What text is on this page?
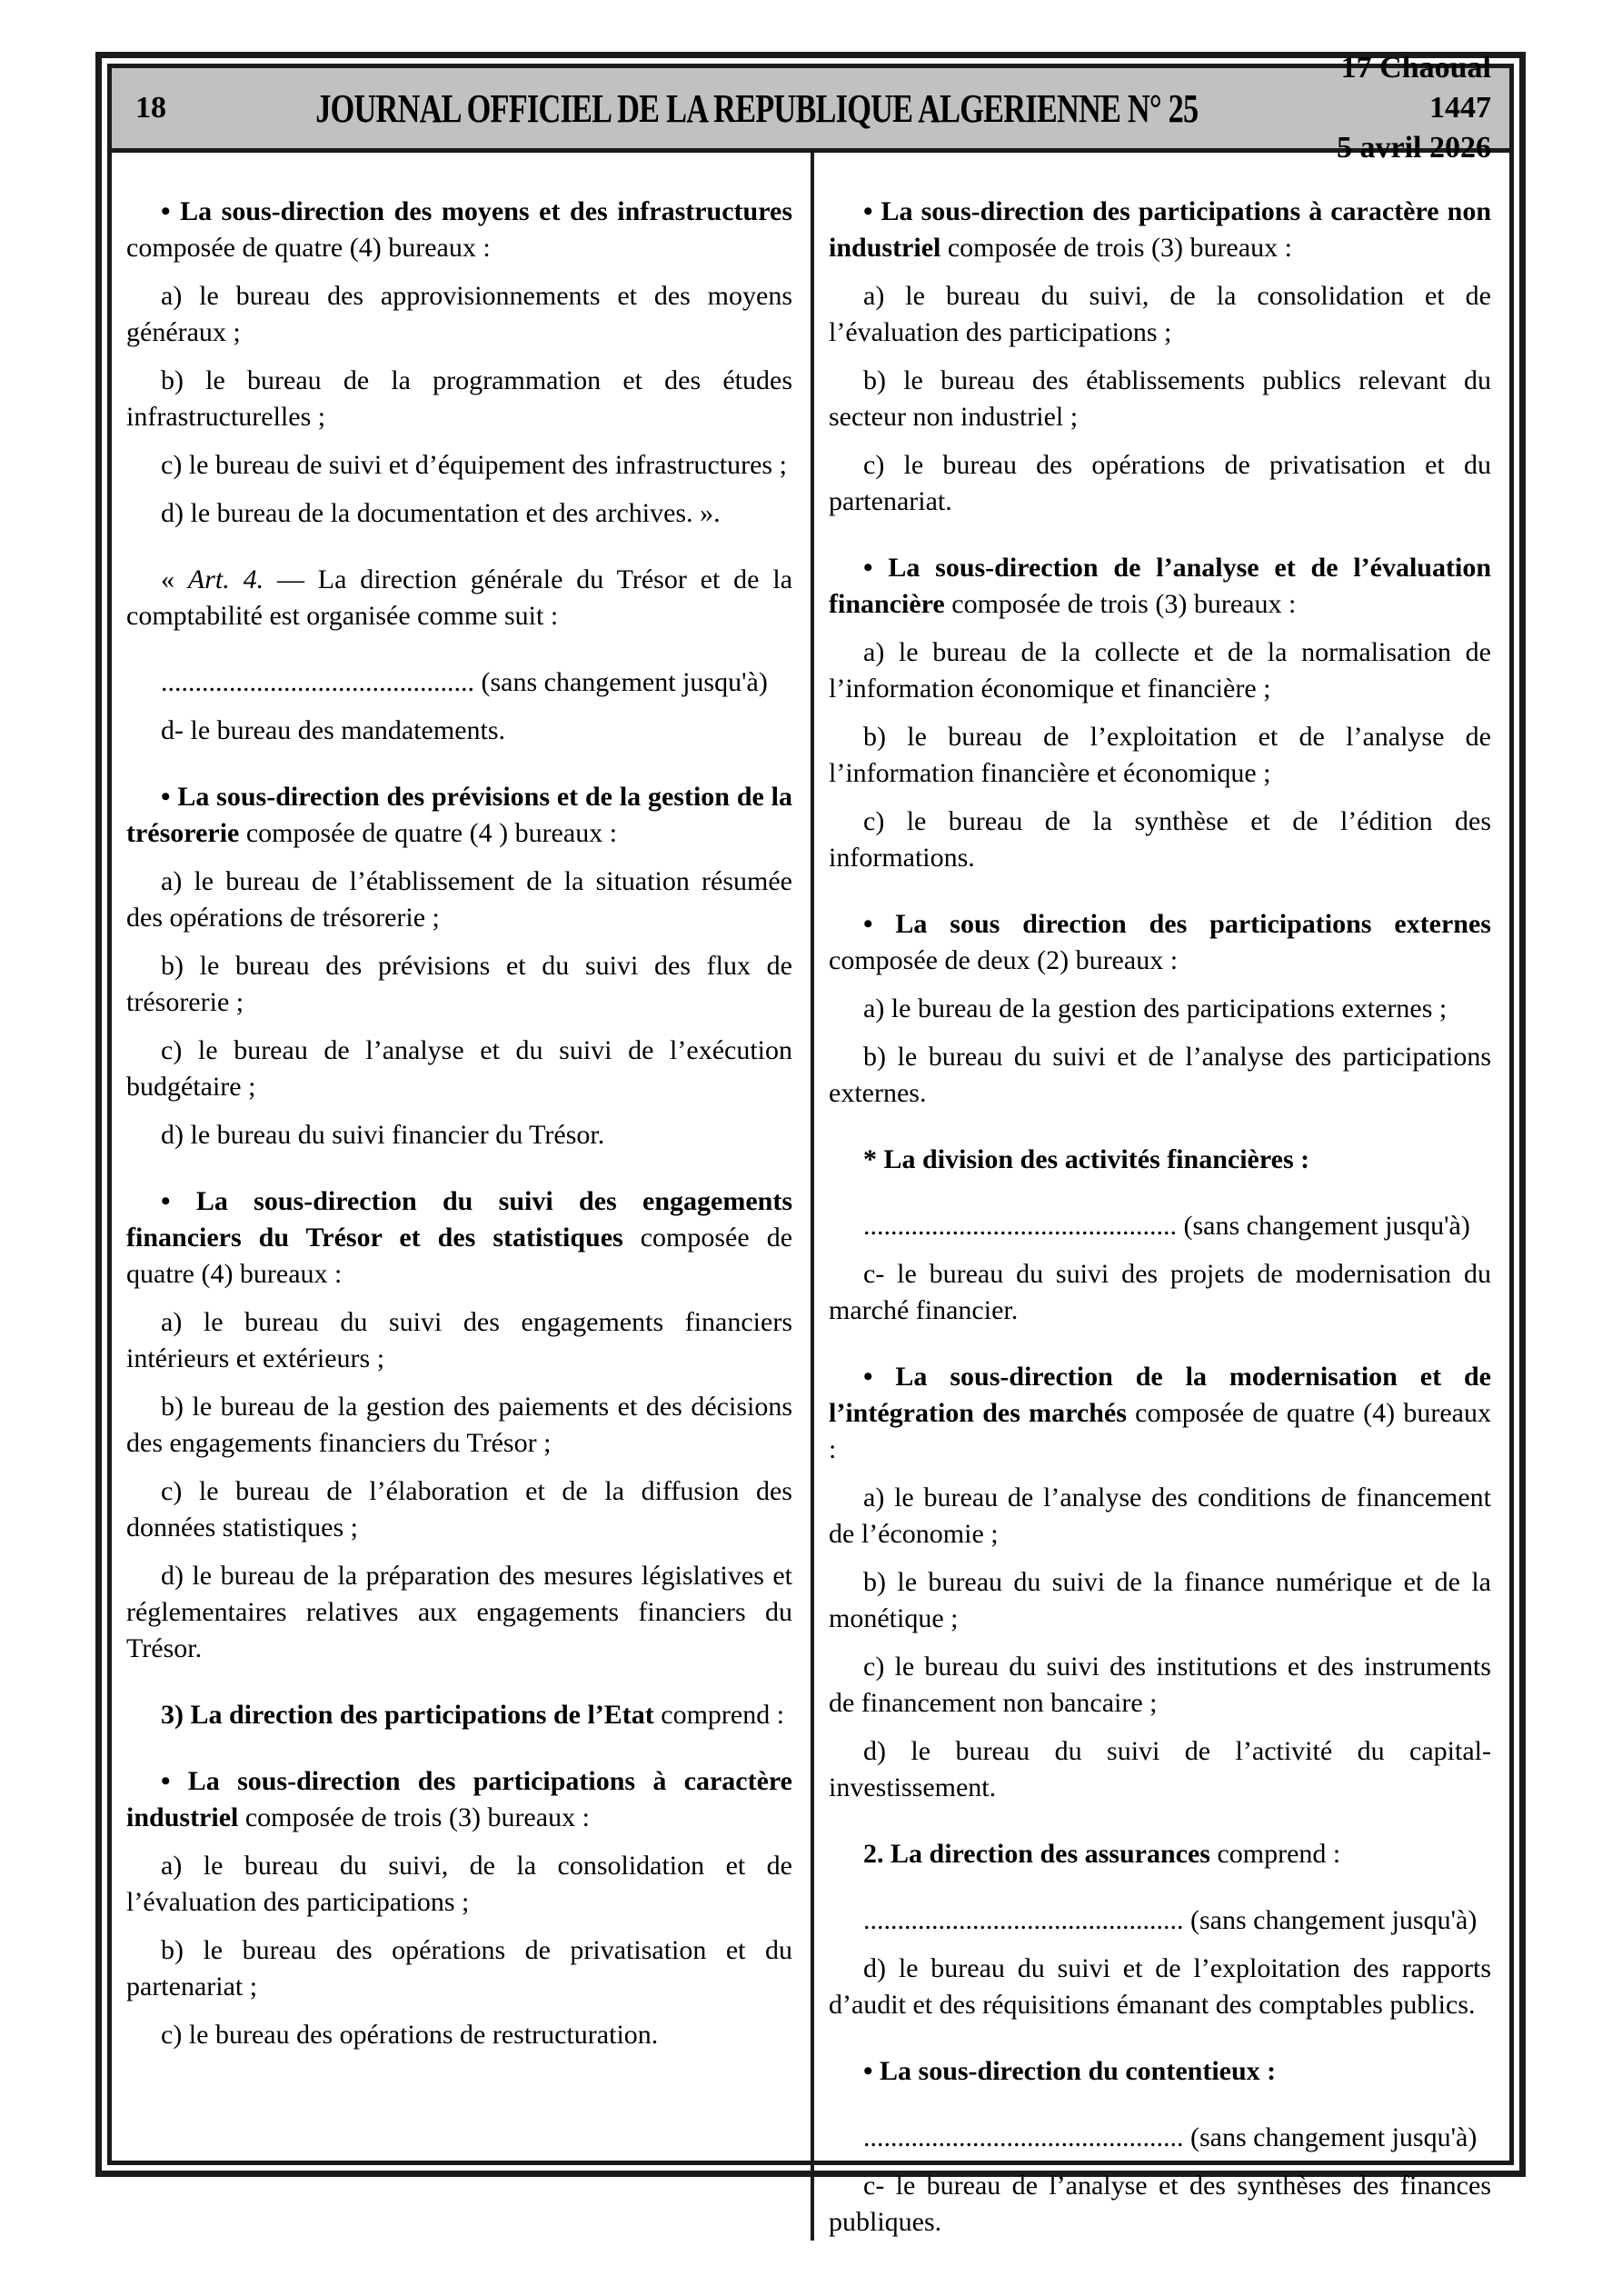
18	JOURNAL OFFICIEL DE LA REPUBLIQUE ALGERIENNE N° 25
17 Chaoual 1447
5 avril 2026

• La sous-direction des moyens et des infrastructures composée de quatre (4) bureaux :

a) le bureau des approvisionnements et des moyens généraux ;

b) le bureau de la programmation et des études infrastructurelles ;

c) le bureau de suivi et d’équipement des infrastructures ;

d) le bureau de la documentation et des archives. ».

« Art. 4. — La direction générale du Trésor et de la comptabilité est organisée comme suit :

.............................................. (sans changement jusqu'à)

d- le bureau des mandatements.

• La sous-direction des prévisions et de la gestion de la trésorerie composée de quatre (4 ) bureaux :

a) le bureau de l’établissement de la situation résumée des opérations de trésorerie ;

b) le bureau des prévisions et du suivi des flux de trésorerie ;

c) le bureau de l’analyse et du suivi de l’exécution budgétaire ;

d) le bureau du suivi financier du Trésor.

• La sous-direction du suivi des engagements financiers du Trésor et des statistiques composée de quatre (4) bureaux :

a) le bureau du suivi des engagements financiers intérieurs et extérieurs ;

b) le bureau de la gestion des paiements et des décisions des engagements financiers du Trésor ;

c) le bureau de l’élaboration et de la diffusion des données statistiques ;

d) le bureau de la préparation des mesures législatives et réglementaires relatives aux engagements financiers du Trésor.

3) La direction des participations de l’Etat comprend :

• La sous-direction des participations à caractère industriel composée de trois (3) bureaux :

a) le bureau du suivi, de la consolidation et de l’évaluation des participations ;

b) le bureau des opérations de privatisation et du partenariat ;

c) le bureau des opérations de restructuration.

• La sous-direction des participations à caractère non industriel composée de trois (3) bureaux :

a) le bureau du suivi, de la consolidation et de l’évaluation des participations ;

b) le bureau des établissements publics relevant du secteur non industriel ;

c) le bureau des opérations de privatisation et du partenariat.

• La sous-direction de l’analyse et de l’évaluation financière composée de trois (3) bureaux :

a) le bureau de la collecte et de la normalisation de l’information économique et financière ;

b) le bureau de l’exploitation et de l’analyse de l’information financière et économique ;

c) le bureau de la synthèse et de l’édition des informations.

• La sous direction des participations externes composée de deux (2) bureaux :

a) le bureau de la gestion des participations externes ;

b) le bureau du suivi et de l’analyse des participations externes.

* La division des activités financières :

.............................................. (sans changement jusqu'à)

c- le bureau du suivi des projets de modernisation du marché financier.

• La sous-direction de la modernisation et de l’intégration des marchés composée de quatre (4) bureaux :

a) le bureau de l’analyse des conditions de financement de l’économie ;

b) le bureau du suivi de la finance numérique et de la monétique ;

c) le bureau du suivi des institutions et des instruments de financement non bancaire ;

d) le bureau du suivi de l’activité du capital-investissement.

2. La direction des assurances comprend :

............................................... (sans changement jusqu'à)

d) le bureau du suivi et de l’exploitation des rapports d’audit et des réquisitions émanant des comptables publics.

• La sous-direction du contentieux :

............................................... (sans changement jusqu'à)

c- le bureau de l’analyse et des synthèses des finances publiques.
